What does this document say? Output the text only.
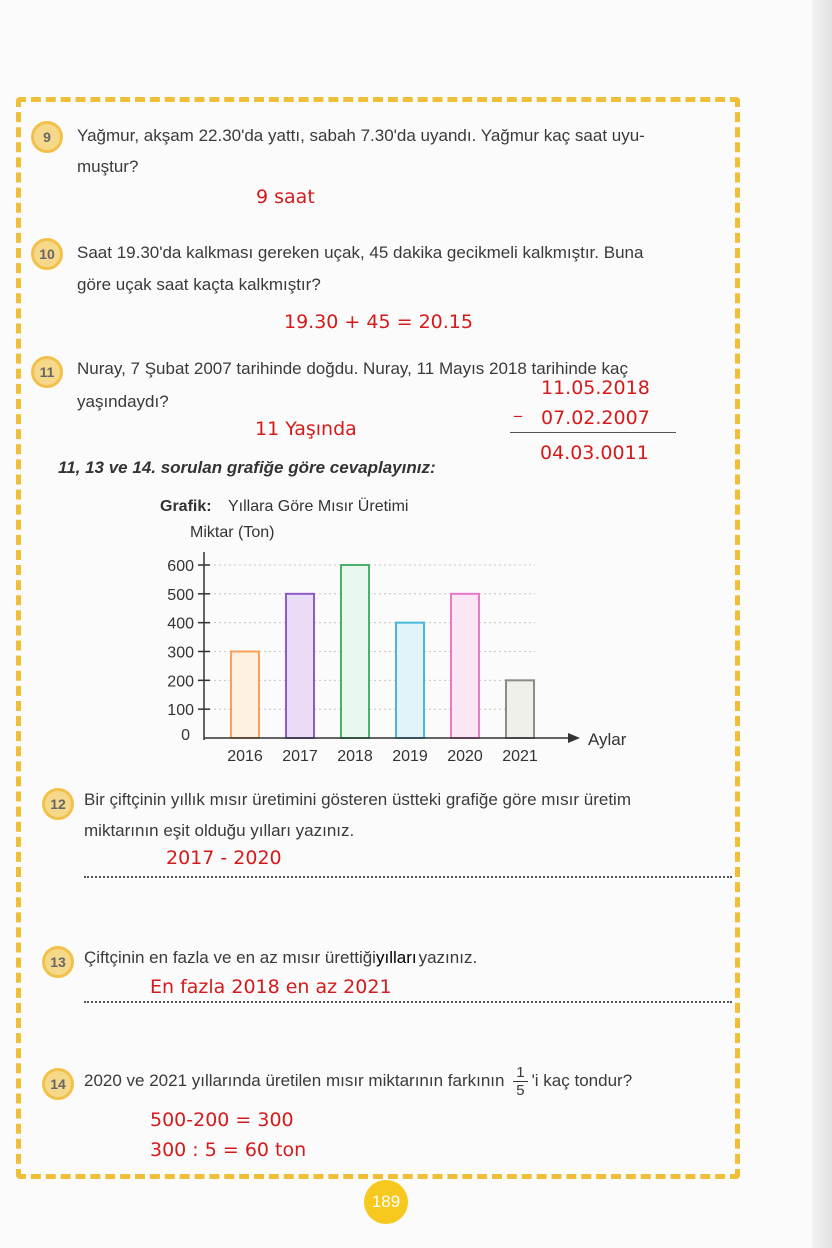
9	Yağmur, akşam 22.30'da yattı, sabah 7.30'da uyandı. Yağmur kaç saat uyu-
muştur?
9 saat
10	Saat 19.30'da kalkması gereken uçak, 45 dakika gecikmeli kalkmıştır. Buna
göre uçak saat kaçta kalkmıştır?
19.30 + 45 = 20.15
11	Nuray, 7 Şubat 2007 tarihinde doğdu. Nuray, 11 Mayıs 2018 tarihinde kaç
yaşındaydı?
11.05.2018
_ 07.02.2007
11 Yaşında
04.03.0011
11, 13 ve 14. sorulan grafiğe göre cevaplayınız:
Grafik: Yıllara Göre Mısır Üretimi
Miktar (Ton)
0
100
200
300
400
500
600
2016 2017 2018 2019 2020 2021
Aylar
12	Bir çiftçinin yıllık mısır üretimini gösteren üstteki grafiğe göre mısır üretim
miktarının eşit olduğu yılları yazınız.
2017 - 2020
13	Çiftçinin en fazla ve en az mısır ürettiğiyılları yazınız.
En fazla 2018 en az 2021
14	2020 ve 2021 yıllarında üretilen mısır miktarının farkının $\frac{1}{5}$ 'i kaç tondur?
500-200 = 300
300 : 5 = 60 ton
189
